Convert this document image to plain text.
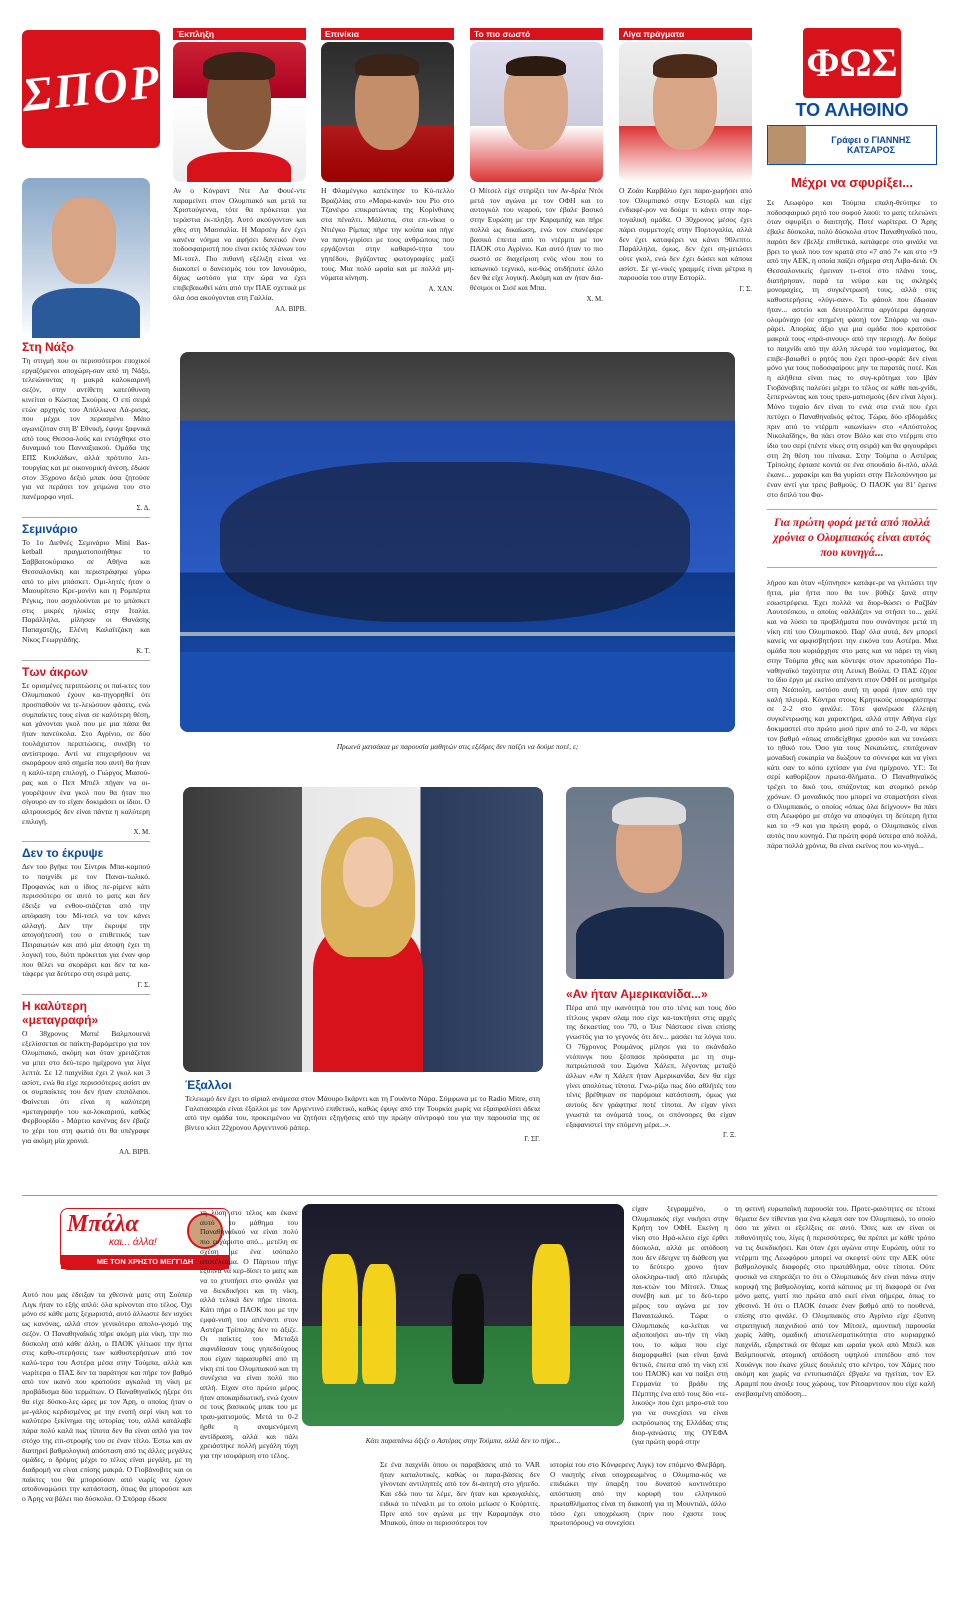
ΣΠΟΡ
Έκπληξη
Αν ο Κόνραντ Ντε Λα Φουέ-ντε παραμείνει στον Ολυμπιακό και μετά τα Χριστούγεννα, τότε θα πρόκειται για τεράστια έκ-πληξη. Αυτό ακούγονταν και χθες στη Μασσαλία. Η Μαρσέιγ δεν έχει κανένα νόημα να αφήσει δανεικό έναν ποδοσφαιριστή που είναι εκτός πλάνων του Μί-τσελ. Πιο πιθανή εξέλιξη είναι να διακοπεί ο δανεισμός του τον Ιανουάριο, δίχως ωστόσο για την ώρα να έχει επιβεβαιωθεί κάτι από την ΠΑΕ σχετικά με όλα όσα ακούγονται στη Γαλλία.
ΑΛ. ΒΙΡΒ.
Επινίκια
Η Φλαμένγκο κατέκτησε το Κύ-πελλο Βραζιλίας στο «Μαρα-κανά» του Ρίο στο Τζανέιρο επικρατώντας της Κορίνθιανς στα πέναλτι. Μάλιστα, στα επι-νίκια ο Ντιέγκο Ρίμπας πήρε την κούπα και πήγε να πανη-γυρίσει με τους ανθρώπους που εργάζονται στην καθαριό-τητα του γηπέδου, βγάζοντας φωτογραφίες μαζί τους. Μια πολύ ωραία και με πολλά μη-νύματα κίνηση.
Α. ΧΑΝ.
Το πιο σωστό
Ο Μίτσελ είχε στηρίξει τον Αν-δρέα Ντόι μετά τον αγώνα με τον ΟΦΗ και το αυτογκόλ του νεαρού, τον έβαλε βασικό στην Ευρώπη με την Καραμπάχ και πήρε πολλά ως δικαίωση, ενώ τον επανέφερε βασικό έπειτα από το ντέρμπι με τον ΠΑΟΚ στο Αγρίνιο. Και αυτό ήταν το πιο σωστό σε διαχείριση ενός νέου που το ιαπωνικό τεχνικό, κα-θώς οτιδήποτε άλλο δεν θα είχε λογική. Ακόμη και αν ήταν δια-θέσιμοι οι Σισέ και Μπα.
Χ. Μ.
Λίγα πράγματα
Ο Ζοάο Καρβάλιο έχει παρα-χωρήσει από τον Ολυμπιακό στην Εστορίλ και είχε ενδιαφέ-ρον να δούμε τι κάνει στην πορ-τογαλική ομάδα. Ο 30χρονος μέσος έχει πάρει συμμετοχές στην Πορτογαλία, αλλά δεν έχει καταφέρει να κάνει 90λεπτο. Παράλληλα, όμως, δεν έχει ση-μειώσει ούτε γκολ, ενώ δεν έχει δώσει και κάποια ασίστ. Σε γε-νικές γραμμές είναι μέτρια η παρουσία του στην Εστορίλ.
Γ. Σ.
Στη Νάξο
Τη στιγμή που οι περισσότεροι εποχικοί εργαζόμενοι αποχώρη-σαν από τη Νάξο, τελειώνοντας η μακρά καλοκαιρινή σεζόν, στην αντίθετη κατεύθυνση κινείται ο Κώστας Σκούρας. Ο επί σειρά ετών αρχηγός του Απόλλωνα Λά-ρισας, που μέχρι τον περασμένο Μάιο αγωνιζόταν στη Β' Εθνική, έφυγε ξαφνικά από τους Θεσσα-λούς και εντάχθηκε στο δυναμικό του Πανναξιακού. Ομάδα της ΕΠΣ Κυκλάδων, αλλά πρότυπο λει-τουργίας και με οικονομική άνεση, έδωσε στον 35χρονο δεξιό μπακ όσα ζητούσε για να περάσει τον χειμώνα του στο πανέμορφο νησί.
Σ. Δ.
Σεμινάριο
Το 1ο Διεθνές Σεμινάριο Mini Bas-ketball πραγματοποιήθηκε το Σαββατοκύριακο σε Αθήνα και Θεσσαλονίκη και περιστράφηκε γύρω από το μίνι μπάσκετ. Ομι-λητές ήταν ο Μαουρίτσιο Κρε-μονίνι και η Ρομπέρτα Ρέγκις, που ασχολούνται με το μπάσκετ στις μικρές ηλικίες στην Ιταλία. Παράλληλα, μίλησαν οι Θανάσης Παπαχατζής, Ελένη Καλαϊτζάκη και Νίκος Γεωργιάδης.
Κ. Τ.
Των άκρων
Σε ορισμένες περιπτώσεις οι παί-κτες του Ολυμπιακού έχουν κα-τηγορηθεί ότι προσπαθούν να τε-λειώσουν φάσεις, ενώ συμπαίκτες τους είναι σε καλύτερη θέση, και χάνονται γκολ που με μια πάσα θα ήταν πανεύκολα. Στο Αγρίνιο, σε δύο τουλάχιστον περιπτώσεις, συνέβη το αντίστροφο. Αντί να επιχειρήσουν να σκοράρουν από σημεία που αυτή θα ήταν η καλύ-τερη επιλογή, ο Γιώργος Μασού-ρας και ο Πεπ Μπιέλ πήγαν να οι-γουρέψουν ένα γκολ που θα ήταν πιο σίγουρο αν το είχαν δοκιμάσει οι ίδιοι. Ο αλτρουισμός δεν είναι πάντα η καλύτερη επιλογή.
Χ. Μ.
Δεν το έκρυψε
Δεν του βγήκε του Σίντρικ Μπα-καμπού το παιχνίδι με τον Παναι-τωλικό. Προφανώς και ο ίδιος πε-ρίμενε κάτι περισσότερο σε αυτό το ματς και δεν έδειξε να ενθου-σιάζεται από την απόφαση του Μί-τσελ να τον κάνει αλλαγή. Δεν την έκρυψε την απογοήτευσή του ο επιθετικός των Πειραιωτών και από μία άποψη έχει τη λογική του, διότι πρόκειται για έναν φορ που θέλει να σκοράρει και δεν τα κα-τάφερε για δεύτερο στη σειρά ματς.
Γ. Σ.
Η καλύτερη «μεταγραφή»
Ο 38χρονος Ματιέ Βαλμπουενά εξελίσσεται σε παίκτη-βαρόμετρο για τον Ολυμπιακό, ακόμη και όταν χρειάζεται να μπει στο δεύ-τερο ημίχρονο για λίγα λεπτά. Σε 12 παιχνίδια έχει 2 γκολ και 3 ασίστ, ενώ θα είχε περισσότερες ασίστ αν οι συμπαίκτες του δεν ήταν επιπόλαιοι. Φαίνεται ότι είναι η καλύτερη «μεταγραφή» του κα-λοκαιριού, καθώς Φερβουρίδο - Μάρτιο κανένας δεν έβαζε το χέρι του στη φωτιά ότι θα υπέγραφε για ακόμη μία χρονιά.
ΑΛ. ΒΙΡΒ.
Πρωινά ματσάκια με παρουσία μαθητών στις εξέδρες δεν παίζει να δούμε ποτέ, ε;
Έξαλλοι
Τελειωμό δεν έχει το σίριαλ ανάμεσα στον Μάουρο Ικάρντι και τη Γουάντα Νάρα. Σύμφωνα με το Radio Mitre, στη Γαλατασαράι είναι έξαλλοι με τον Αργεντινό επιθετικό, καθώς έφυγε από την Τουρκία χωρίς να εξασφαλίσει άδεια από την ομάδα του, προκειμένου να ζητήσει εξηγήσεις από την πρώην σύντροφό του για την παρουσία της σε βίντεο κλιπ 22χρονου Αργεντινού ράπερ.
Γ. ΣΓ.
«Αν ήταν Αμερικανίδα...»
Πέρα από την ικανότητά του στο τένις και τους δύο τίτλους γκραν σλαμ που είχε κα-τακτήσει στις αρχές της δεκαετίας του '70, ο Ίλιε Νάστασε είναι επίσης γνωστός για το γεγονός ότι δεν... μασάει τα λόγια του. Ο 76χρονος Ρουμάνος μίλησε για το σκάνδαλο ντόπινγκ που ξέσπασε πρόσφατα με τη συμ-πατριώτισσά του Σιμόνα Χάλεπ, λέγοντας μεταξύ άλλων «Αν η Χάλεπ ήταν Αμερικανίδα, δεν θα είχε γίνει απολύτως τίποτα. Γνω-ρίζω πως δύο αθλήτές του τένις βρέθηκαν σε παρόμοια κατάσταση, όμως για αυτούς δεν γράφτηκε ποτέ τίποτα. Αν είχαν γίνει γνωστά τα ονόματά τους, οι σπόνσορες θα είχαν εξαφανιστεί την επόμενη μέρα...».
Γ. Ξ.
ΦΩΣ
ΤΟ ΑΛΗΘΙΝΟ
Γράφει ο ΓΙΑΝΝΗΣ ΚΑΤΣΑΡΟΣ
Μέχρι να σφυρίξει...
Σε Λεωφόρο και Τούμπα επαλη-θεύτηκε το ποδοσφαιρικό ρητό του σοφού λαού: το ματς τελειώνει όταν σφυρίξει ο διαιτητής. Ποτέ νωρίτερα. Ο Άρης έβαλε δύσκολα, πολύ δύσκολα στον Παναθηναϊκό που, παρότι δεν έβελξε επιθετικά, κατάφερε στο φινάλε να βρει το γκολ που τον κρατά στο «7 από 7» και στο +9 από την ΑΕΚ, η οποία παίζει σήμερα στη Λιβα-δειά. Οι Θεσσαλονικείς έμειναν τι-στοί στο πλάνο τους, διατήρησαν, παρά τα νεύρα και τις σκληρές μονομαχίες, τη συγκέντρωσή τους, αλλά στις καθυστερήσεις «λύγι-σαν». Το φάουλ που έδωσαν ήταν... αστείο και δευτερόλεπτα αργότερα άφησαν ολομόναχο (σε στημένη φάση) τον Σπόραρ να σκο-ράρει. Απορίας άξιο για μια ομάδα που κρατούσε μακριά τους «πρά-σινους» από την περιοχή. Αν δούμε το παιχνίδι από την άλλη πλευρά του νομίσματος, θα επιβε-βαιωθεί ο ρητός που έχει προσ-φορά: δεν είναι μόνο για τους ποδοσφαίρου: μην τα παρατάς ποτέ. Και η αλήθεια είναι πως το συγ-κρότημα του Ιβάν Γιοβάνοβιτς παλεύει μέχρι το τέλος σε κάθε παι-χνίδι, ξεπερνώντας και τους τραυ-ματισμούς (δεν είναι λίγοι). Μόνο τυχαίο δεν είναι το ενιά στα ενιά που έχει πετύχει ο Παναθηναϊκός φέτος. Τώρα, δύο εβδομάδες πριν από το ντέρμπι «αιωνίων» στο «Απόστολος Νικολαΐδης», θα πάει στον Βόλο και στο ντέρμπι στο ίδιο του σερί (πέντε νίκες στη σειρά) και θα φιγουράρει στη 2η θέση του πίνακα. Στην Τούμπα ο Αστέρας Τρίπολης έφτασε κοντά σε ένα σπουδαίο δι-πλό, αλλά έκανε... χαρακίρι και θα γυρίσει στην Πελοπόννησο με έναν αντί για τρεις βαθμούς. Ο ΠΑΟΚ για 81' έμεινε στο διπλό του Φα-
Για πρώτη φορά μετά από πολλά χρόνια ο Ολυμπιακός είναι αυτός που κυνηγά...
λήρου και όταν «ξύπνησε» κατάφε-ρε να γλιτώσει την ήττα, μία ήττα που θα τον βύθιζε ξανά στην εσωστρέφεια. Έχει πολλά να διορ-θώσει ο Ραζβάν Λουτσέσκου, ο οποίος «αλλάζει» να στήσει το... χαλί και να λύσει τα προβλήματα που συνάντησε μετά τη νίκη επί του Ολυμπιακού. Παρ' όλα αυτά, δεν μπορεί κανείς να αμφισβητήσει την εικόνα του Αστέρα. Μια ομάδα που κυριάρχησε στο ματς και να πάρει τη νίκη στην Τούμπα χθες και κόντεψε στον πρωτοπόρο Πα-ναθηναϊκό ταχύτητα στη Λευκή Βούλα. Ο ΠΑΣ έζησε το ίδιο έργο με εκείνο απέναντι στον ΟΦΗ σε μεσημέρι στη Νεάπολη, ωστόσο αυτή τη φορά ήταν από την καλή πλευρά. Κόντρα στους Κρητικούς ισοφαρίστηκε σε 2-2 στο φινάλε. Τότε φανέρωσε έλλειψη συγκέντρωσης και χαρακτήρα, αλλά στην Αθήνα είχε δοκιμαστεί στο πρώτο μισό πριν από το 2-0, να πάρει τον βαθμό «όπως αποδείχθηκε χρυσό» και να τονώσει το ηθικό του. Όσο για τους Νεκαιώτες, επιτάχυναν μοναδική ευκαιρία να διώξουν τα σύννεφα και να γίνει κάτι σαν το κόπο εχτίσαν για ένα ημίχρονο. ΥΓ.: Τα σερί καθορίζουν πρωτα-θλήματα. Ο Παναθηναϊκός τρέχει το δικό του, σπάζοντας και ατομικό ρεκόρ χρόνων. Ο μοναδικός που μπορεί να σταματήσει είναι ο Ολυμπιακός, ο οποίος «όπως όλα δείχνουν» θα πάει στη Λεωφόρο με στόχο να αποφύγει τη δεύτερη ήττα και το +9 και για πρώτη φορά, ο Ολυμπιακός είναι αυτός που κυνηγά. Για πρώτη φορά ύστερα από πολλά, πάρα πολλά χρόνια, θα είναι εκείνος που κυ-νηγά...
Μπάλα
και... άλλα!
ΜΕ ΤΟΝ ΧΡΗΣΤΟ ΜΕΓΓΙΔΗ
Αυτό που μας έδειξαν τα χθεσινά ματς στη Σούπερ Λιγκ ήταν το εξής απλό: όλα κρίνονται στο τέλος. Όχι μόνο σε κάθε ματς ξεχωριστά, αυτό άλλωστε δεν ισχύει ως κανόνας, αλλά στον γενικότερο απολο-γισμό της σεζόν. Ο Παναθηναϊκός πήρε ακόμη μία νίκη, την πιο δύσκολη από κάθε άλλη, ο ΠΑΟΚ γλίτωσε την ήττα στις καθυ-στερήσεις των καθυστερήσεων από τον καλύ-τερο του Αστέρα μέσα στην Τούμπα, αλλά και νωρίτερα ο ΠΑΣ δεν τα παράτησε και πήρε τον βαθμό από τον ικανό που κρατούσε αγκαλιά τη νίκη με προβάδισμα δύο τερμάτων. Ο Παναθηναϊκός ήξερε ότι θα είχε δύσκο-λες ώρες με τον Άρη, ο οποίος ήταν ο με-γάλος κερδισμένος με την ενατή σερί νίκη και το καλύτερο ξεκίνημα της ιστορίας του, αλλά κατάλαβε πάρα πολύ καλά πως τίποτα δεν θα είναι απλό για τον στόχο της επι-στροφής του σε έναν τίτλο. Έστω και αν διατηρεί βαθμολογική απόσταση από τις άλλες μεγάλες ομάδες, ο δρόμος μέχρι το τέλος είναι μεγάλη, με τη διαδρομή να είναι επίσης μακρά. Ο Γιοβάνοβιτς και οι παίκτες του θα μπορούσαν από νωρίς να έχουν αποδυναμώσει την κατάσταση, όπως θα μπορούσε και ο Άρης να βάλει πιο δύσκολα. Ο Σπόραρ έδωσε
τη λύση στο τέλος και έκανε αυτό το μάθημα του Παναθηναϊκού να είναι πολύ πιο ευχάριστο από... μετέλη σε σχέση με ένα ισόπαλο αποτέλεσμα. Ο Πάρτιου πήγε έξυπνα να κερ-δίσει το ματς και να το χτυπήσει στο φινάλε για να διεκδικήσει και τη νίκη, αλλά τελικά δεν πήρε τίποτα. Κάτι πήρε ο ΠΑΟΚ που με την εμφά-νισή του απέναντι στον Αστέρα Τρίπολης δεν το άξιζε. Οι παίκτες του Μεταξά αιφνιδίασαν τους γηπεδούχους που είχαν παρασυρθεί από τη νίκη επί του Ολυμπιακού και τη συνέχεια να είναι πολύ πιο απλή. Είχαν στο πρώτο μέρος ήταν αποκαρδιωτική, ενώ έχουν σε τους βασικούς μπακ του με τραυ-ματισμούς. Μετά το 0-2 ήρθε η αναμενόμενη αντίδραση, αλλά και πάλι χρειάστηκε πολλή μεγάλη τύχη για την ισοφάριση στο τέλος.
Κάτι παραπάνω άξιζε ο Αστέρας στην Τούμπα, αλλά δεν το πήρε...
Σε ένα παιχνίδι όπου οι παραβάσεις από το VAR ήταν καταλυτικές, καθώς οι παρα-βάσεις δεν γίνονταν αντιληπτές από τον δι-αιτητή στο γήπεδο. Και εδώ που τα λέμε, δεν ήταν και κραυγαλέες, ειδικά το πέναλτι με το οποίο μείωσε ο Κούρτιτς. Πριν από τον αγώνα με την Καραμπάγκ στο Μπακού, όπου οι περισσότεροι τον
ιστορία του στο Κόνφερενς Λιγκ) τον επόμενο Φλεβάρη. Ο νικητής είναι υποχρεωμένος ο Ολυμπια-κός να επιδιώκει την ύπαρξη του δυνατού κοντινότερο απόσταση από την κορυφή του ελληνικού πρωταθλήματος είναι τη διακοπή για τη Μουντιάλ, άλλο τόσο έχει υποχρέωση (πριν που έχαστε τους πρωτοπόρους) να συνεχίσει
είχαν ξεγραμμένο, ο Ολυμπιακός είχε νικήσει στην Κρήτη τον ΟΦΗ. Εκείνη η νίκη στο Ηρά-κλειο είχε έρθει δύσκολα, αλλά με απόδοση που δεν έδειχνε τη διάθεση για το δεύτερο χρονο ήταν ολοκληρω-τική από πλευράς παι-κτών του Μίτσελ. Όπως συνέβη και με το δεύ-τερο μέρος του αγώνα με τον Παναιτωλικό. Τώρα ο Ολυμπιακός κα-λείται να αξιοποιήσει αυ-τήν τη νίκη του, το κάμα που είχε διαμορφωθεί (και είναι ξανά θετικό, έπειτα από τη νίκη επί του ΠΑΟΚ) και να παίξει στη Γερμανία το βράδυ της Πέμπτης ένα από τους δύο «τε-λικούς» που έχει μπρο-στά του για να συνεχίσει να είναι εκπρόσωπος της Ελλάδας στις διορ-γανώσεις της ΟΥΕΦΑ (για πρώτη φορά στην
τη φετινή ευρωπαϊκή παρουσία του. Προτε-ραιότητες σε τέτοια θέματα δεν τίθενται για ένα κλαμπ σαν τον Ολυμπιακό, το οποίο όσο τα χάνει οι εξελίξεις σε αυτό. Όσες και αν είναι οι πιθανότητές του, λίγες ή περισσότερες, θα πρέπει με κάθε τρόπο να τις διεκδικήσει. Και όταν έχει αγώνα στην Ευρώπη, ούτε το ντέρμπι της Λεωφόρου μπορεί να σκεφτεί ούτε την ΑΕΚ ούτε βαθμολογικές διαφορές στο πρωτάθλημα, ούτε τίποτα. Ούτε φυσικά να επηρεάζει το ότι ο Ολυμπιακός δεν είναι πάνω στην κορυφή της βαθμολογίας, κοιτά κάποιος με τη διαφορά σε ένα μόνο ματς, γιατί πιο πρώτα από εκεί είναι σήμερα, όπως το χθεσινό. Ή ότι ο ΠΑΟΚ έσωσε έναν βαθμό από το πουθενά, επίσης στο φινάλε. Ο Ολυμπιακός στο Αγρίνιο είχε έξυπνη στρατηγική παιχνιδιού από τον Μίτσελ, αμυντική παρουσία χωρίς λάθη, ομαδική αποτελεσματικότητα στο κυριαρχικό παιχνίδι, εξαιρετικά σε θέαμα και ωραία γκολ από Μπιέλ και Βαλμπουενά, ατομική απόδοση υψηλού επιπέδου από τον Χουάνγκ που έκανε χίλιες δουλειές στο κέντρο, τον Χάμες που ακόμη και χωρίς να εντυπωσιάζει έβγαλε να ηγείται, τον Ελ Αραμπί που άνοιξε τους χώρους, τον Ρίτσαρντσον που είχε καλή ανεβασμένη απόδοση...
